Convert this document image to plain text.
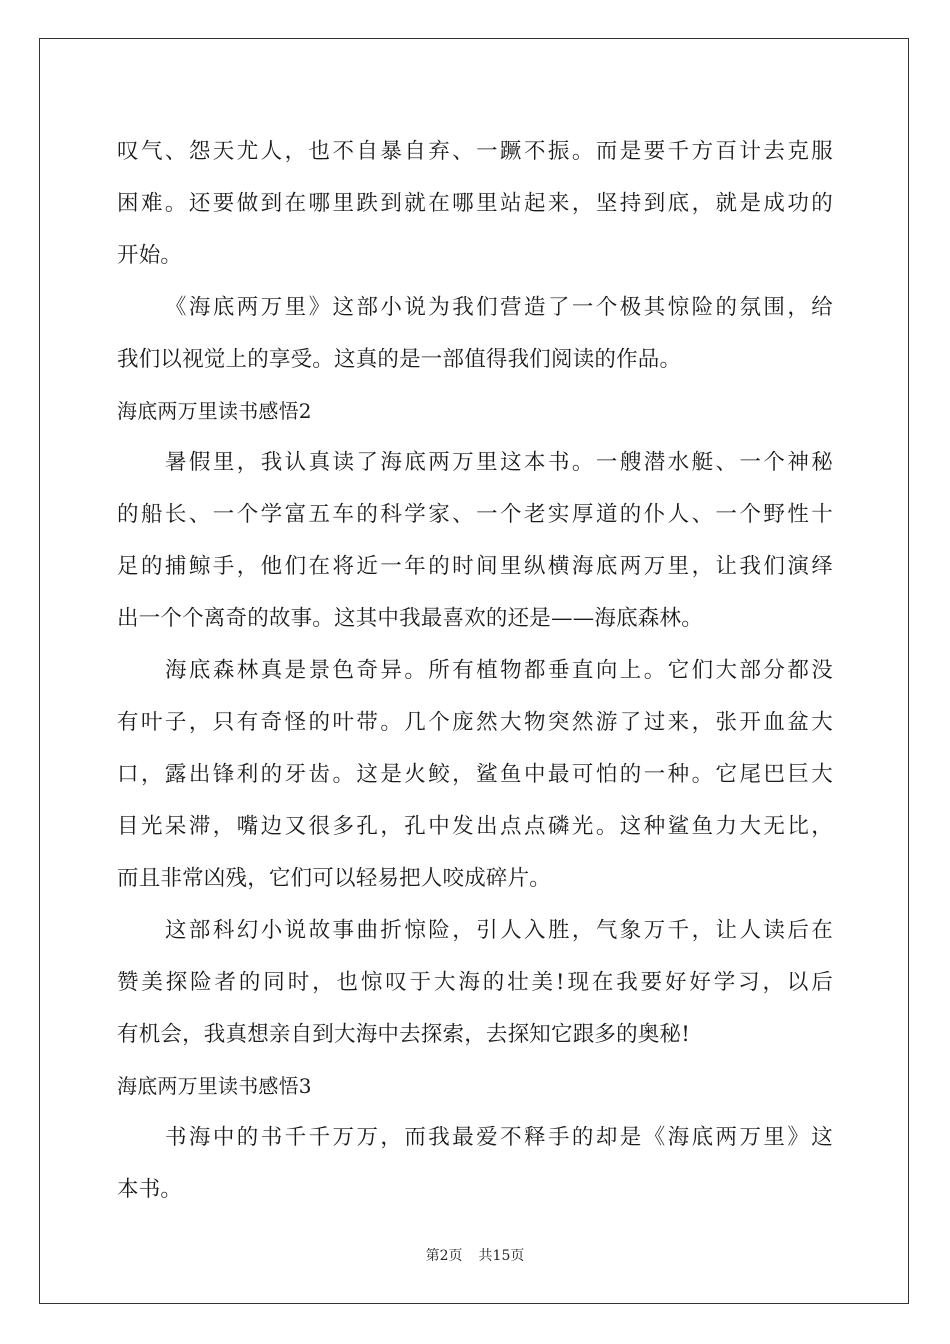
叹气、怨天尤人，也不自暴自弃、一蹶不振。而是要千方百计去克服
困难。还要做到在哪里跌到就在哪里站起来，坚持到底，就是成功的
开始。
《海底两万里》这部小说为我们营造了一个极其惊险的氛围，给
我们以视觉上的享受。这真的是一部值得我们阅读的作品。
海底两万里读书感悟2
暑假里，我认真读了海底两万里这本书。一艘潜水艇、一个神秘
的船长、一个学富五车的科学家、一个老实厚道的仆人、一个野性十
足的捕鲸手，他们在将近一年的时间里纵横海底两万里，让我们演绎
出一个个离奇的故事。这其中我最喜欢的还是——海底森林。
海底森林真是景色奇异。所有植物都垂直向上。它们大部分都没
有叶子，只有奇怪的叶带。几个庞然大物突然游了过来，张开血盆大
口，露出锋利的牙齿。这是火鲛，鲨鱼中最可怕的一种。它尾巴巨大
目光呆滞，嘴边又很多孔，孔中发出点点磷光。这种鲨鱼力大无比，
而且非常凶残，它们可以轻易把人咬成碎片。
这部科幻小说故事曲折惊险，引人入胜，气象万千，让人读后在
赞美探险者的同时，也惊叹于大海的壮美!现在我要好好学习，以后
有机会，我真想亲自到大海中去探索，去探知它跟多的奥秘!
海底两万里读书感悟3
书海中的书千千万万，而我最爱不释手的却是《海底两万里》这
本书。
第2页 共15页
